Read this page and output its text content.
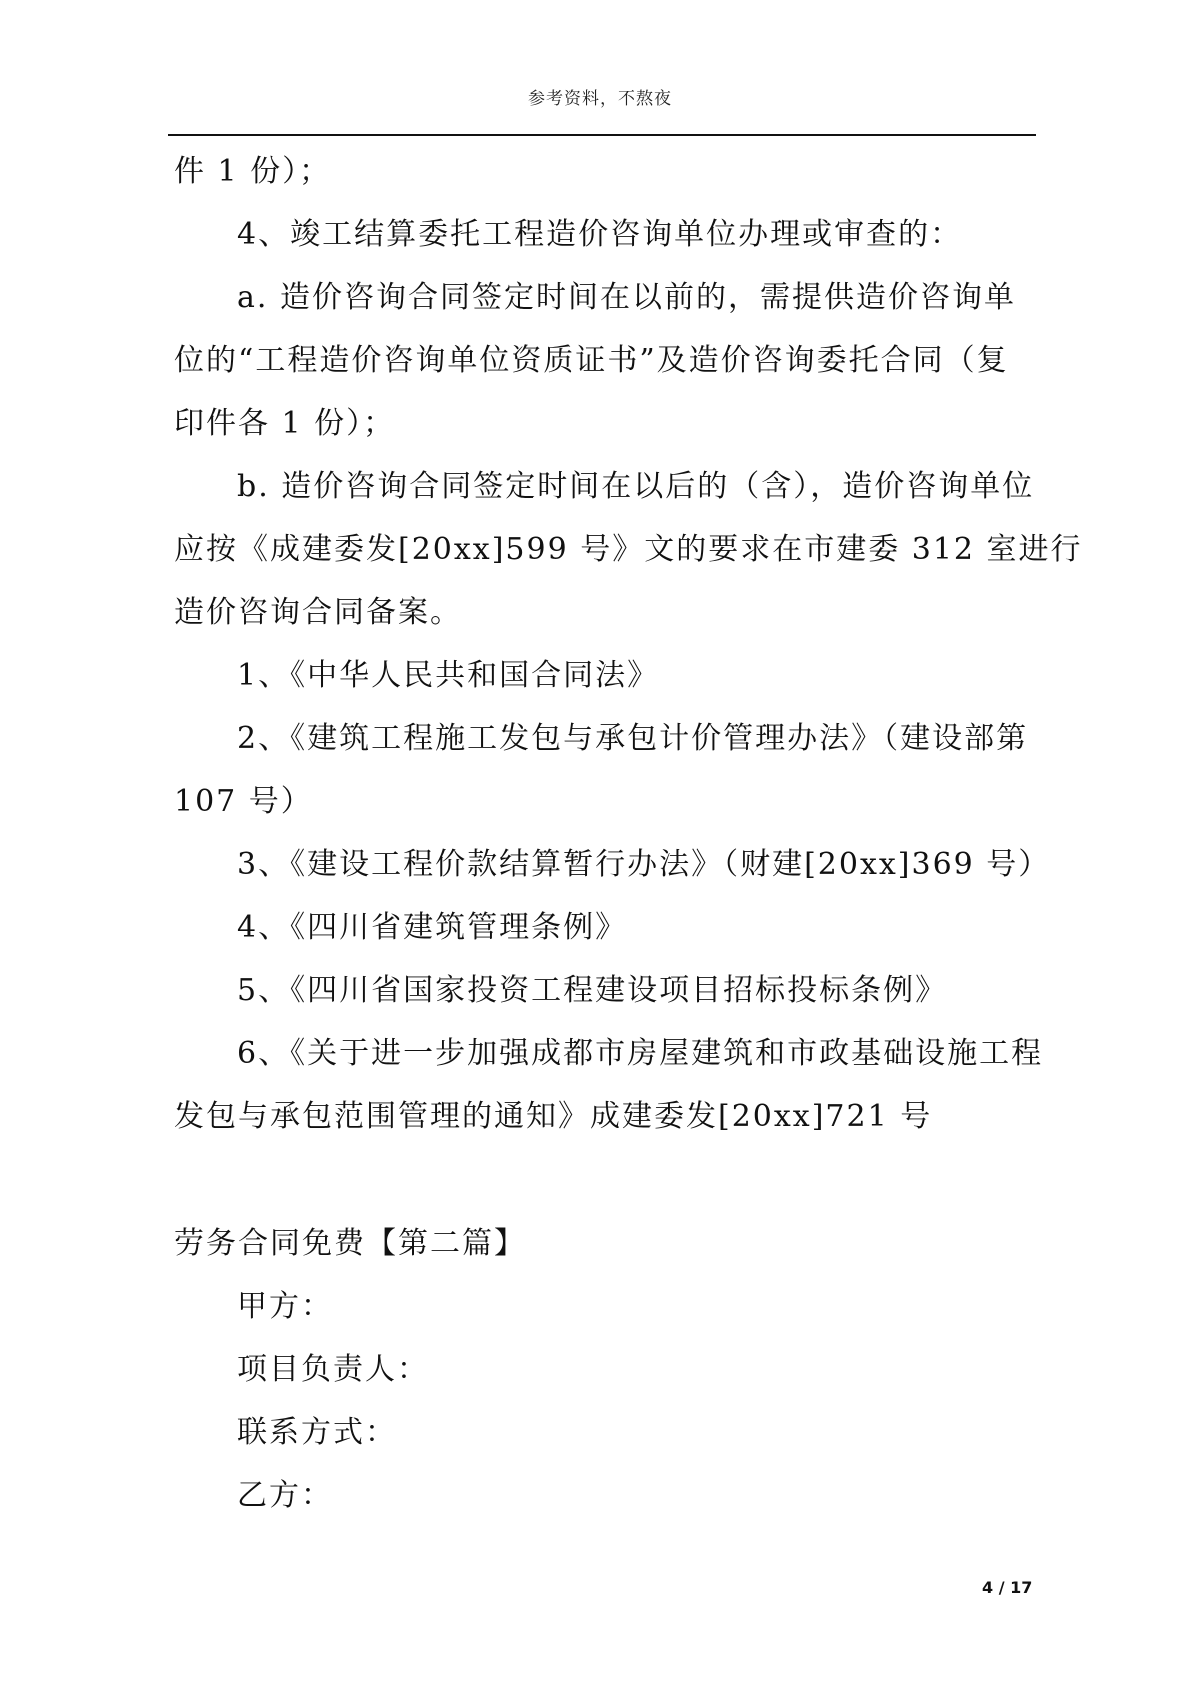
参考资料，不熬夜
件 1 份）；
4、竣工结算委托工程造价咨询单位办理或审查的：
a. 造价咨询合同签定时间在以前的，需提供造价咨询单
位的“工程造价咨询单位资质证书”及造价咨询委托合同（复
印件各 1 份）；
b. 造价咨询合同签定时间在以后的（含），造价咨询单位
应按《成建委发[20xx]599 号》文的要求在市建委 312 室进行
造价咨询合同备案。
1、《中华人民共和国合同法》
2、《建筑工程施工发包与承包计价管理办法》（建设部第
107 号）
3、《建设工程价款结算暂行办法》（财建[20xx]369 号）
4、《四川省建筑管理条例》
5、《四川省国家投资工程建设项目招标投标条例》
6、《关于进一步加强成都市房屋建筑和市政基础设施工程
发包与承包范围管理的通知》成建委发[20xx]721 号
劳务合同免费【第二篇】
甲方：
项目负责人：
联系方式：
乙方：
4 / 17
